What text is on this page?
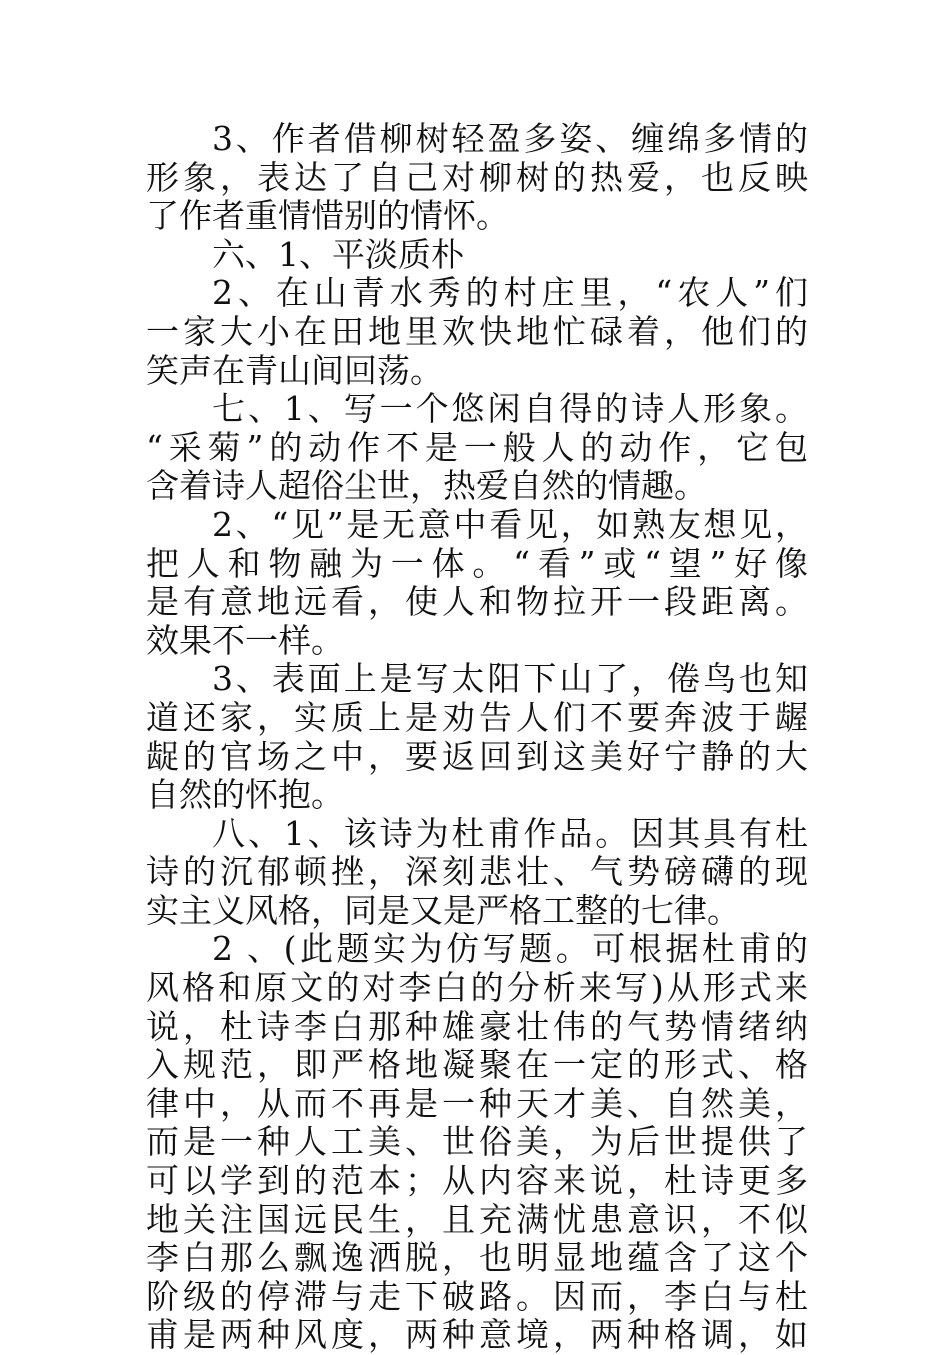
3、作者借柳树轻盈多姿、缠绵多情的
形象，表达了自己对柳树的热爱，也反映
了作者重情惜别的情怀。
六、1、平淡质朴
2、在山青水秀的村庄里，“农人”们
一家大小在田地里欢快地忙碌着，他们的
笑声在青山间回荡。
七、1、写一个悠闲自得的诗人形象。
“采菊”的动作不是一般人的动作，它包
含着诗人超俗尘世，热爱自然的情趣。
2、“见”是无意中看见，如熟友想见，
把人和物融为一体。“看”或“望”好像
是有意地远看，使人和物拉开一段距离。
效果不一样。
3、表面上是写太阳下山了，倦鸟也知
道还家，实质上是劝告人们不要奔波于龌
龊的官场之中，要返回到这美好宁静的大
自然的怀抱。
八、1、该诗为杜甫作品。因其具有杜
诗的沉郁顿挫，深刻悲壮、气势磅礴的现
实主义风格，同是又是严格工整的七律。
2 、(此题实为仿写题。可根据杜甫的
风格和原文的对李白的分析来写)从形式来
说，杜诗李白那种雄豪壮伟的气势情绪纳
入规范，即严格地凝聚在一定的形式、格
律中，从而不再是一种天才美、自然美，
而是一种人工美、世俗美，为后世提供了
可以学到的范本；从内容来说，杜诗更多
地关注国远民生，且充满忧患意识，不似
李白那么飘逸洒脱，也明显地蕴含了这个
阶级的停滞与走下破路。因而，李白与杜
甫是两种风度，两种意境，两种格调，如
